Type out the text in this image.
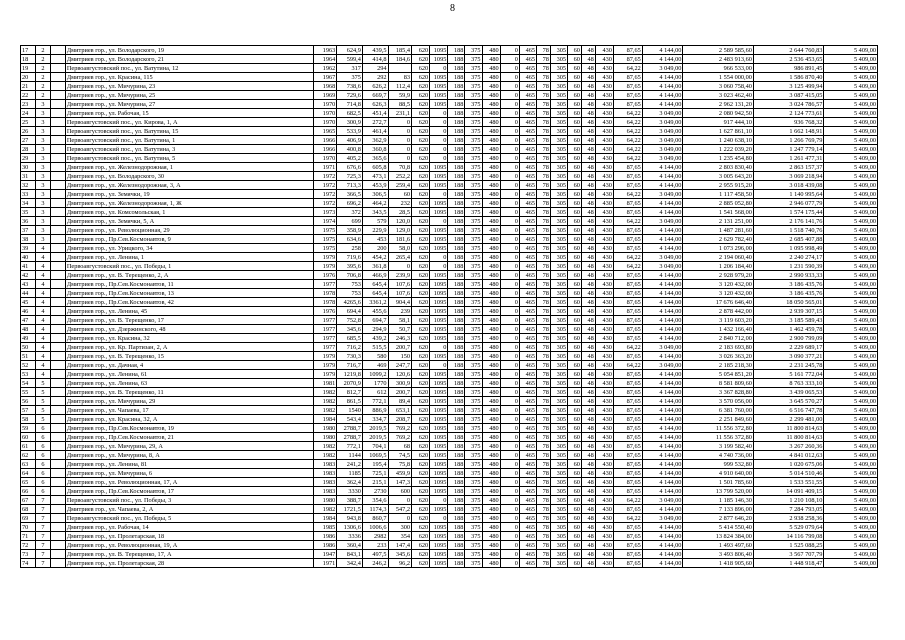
8
17	2		Дмитриев гор., ул. Володарского, 19	1963	624,9	439,5	185,4	620	1095	188	375	480	0	465	78	305	60	48	430	87,65	4 144,00	2 589 585,60	2 644 760,83	5 409,00
18	2		Дмитриев гор., ул. Володарского, 21	1964	599,4	414,8	184,6	620	1095	188	375	480	0	465	78	305	60	48	430	87,65	4 144,00	2 483 913,60	2 536 453,65	5 409,00
19	2		Первоавгустовский пос., ул. Ватутина, 12	1962	317	294		620	0	188	375	480	0	465	78	305	60	48	430	64,22	3 049,00	966 533,00	986 891,45	5 409,00
20	2		Дмитриев гор., ул. Красина, 115	1967	375	292	83	620	1095	188	375	480	0	465	78	305	60	48	430	87,65	4 144,00	1 554 000,00	1 586 870,40	5 409,00
21	2		Дмитриев гор., ул. Мичурина, 23	1968	738,6	626,2	112,4	620	1095	188	375	480	0	465	78	305	60	48	430	87,65	4 144,00	3 060 758,40	3 125 499,94	5 409,00
22	2		Дмитриев гор., ул. Мичурина, 25	1969	729,6	669,7	59,9	620	1095	188	375	480	0	465	78	305	60	48	430	87,65	4 144,00	3 023 462,40	3 087 415,05	5 409,00
23	3		Дмитриев гор., ул. Мичурина, 27	1970	714,8	626,3	88,5	620	1095	188	375	480	0	465	78	305	60	48	430	87,65	4 144,00	2 962 131,20	3 024 786,57	5 409,00
24	3		Дмитриев гор., ул. Рабочая, 15	1970	682,5	451,4	231,1	620	0	188	375	480	0	465	78	305	60	48	430	64,22	3 049,00	2 080 942,50	2 124 773,61	5 409,00
25	3		Первоавгустовский пос., ул. Кирова, 1, А	1970	300,9	272,7	0	620	0	188	375	480	0	465	78	305	60	48	430	64,22	3 049,00	917 444,10	936 768,32	5 409,00
26	3		Первоавгустовский пос., ул. Ватутина, 15	1965	533,9	461,4	0	620	0	188	375	480	0	465	78	305	60	48	430	64,22	3 049,00	1 627 861,10	1 662 148,91	5 409,00
27	3		Первоавгустовский пос., ул. Ватутина, 1	1966	406,9	362,9	0	620	0	188	375	480	0	465	78	305	60	48	430	64,22	3 049,00	1 240 638,10	1 266 769,79	5 409,00
28	3		Первоавгустовский пос., ул. Ватутина, 3	1966	400,8	360,8	0	620	0	188	375	480	0	465	78	305	60	48	430	64,22	3 049,00	1 222 039,20	1 247 779,14	5 409,00
29	3		Первоавгустовский пос., ул. Ватутина, 5	1970	405,2	365,6	0	620	0	188	375	480	0	465	78	305	60	48	430	64,22	3 049,00	1 235 454,80	1 261 477,31	5 409,00
30	3		Дмитриев гор., ул. Железнодорожная, 1	1971	676,6	605,8	70,8	620	1095	188	375	480	0	465	78	305	60	48	430	87,65	4 144,00	2 803 830,40	2 863 157,37	5 409,00
31	3		Дмитриев гор., ул. Володарского, 30	1972	725,3	473,1	252,2	620	1095	188	375	480	0	465	78	305	60	48	430	87,65	4 144,00	3 005 643,20	3 069 218,94	5 409,00
32	3		Дмитриев гор., ул. Железнодорожная, 3, А	1972	713,3	453,9	259,4	620	1095	188	375	480	0	465	78	305	60	48	430	87,65	4 144,00	2 955 915,20	3 018 439,08	5 409,00
33	3		Дмитриев гор., ул. Земячки, 19	1972	366,5	306,5	60	620	0	188	375	480	0	465	78	305	60	48	430	64,22	3 049,00	1 117 458,50	1 140 995,64	5 409,00
34	3		Дмитриев гор., ул. Железнодорожная, 1, Ж	1972	696,2	464,2	232	620	1095	188	375	480	0	465	78	305	60	48	430	87,65	4 144,00	2 885 052,80	2 946 077,79	5 409,00
35	3		Дмитриев гор., ул. Комсомольская, 1	1973	372	343,5	28,5	620	1095	188	375	480	0	465	78	305	60	48	430	87,65	4 144,00	1 541 568,00	1 574 175,44	5 409,00
36	3		Дмитриев гор., ул. Земячки, 5, А	1974	699	579	120,0	620	0	188	375	480	0	465	78	305	60	48	430	64,22	3 049,00	2 131 251,00	2 176 141,76	5 409,00
37	3		Дмитриев гор., ул. Революционная, 29	1975	358,9	229,9	129,0	620	1095	188	375	480	0	465	78	305	60	48	430	87,65	4 144,00	1 487 281,60	1 518 740,76	5 409,00
38	3		Дмитриев гор., Пр.Сев.Космонавтов, 9	1975	634,6	453	181,6	620	1095	188	375	480	0	465	78	305	60	48	430	87,65	4 144,00	2 629 782,40	2 685 407,88	5 409,00
39	4		Дмитриев гор., ул. Урицкого, 34	1975	258	200	58,0	620	1095	188	375	480	0	465	78	305	60	48	430	87,65	4 144,00	1 073 296,00	1 095 998,49	5 409,00
40	4		Дмитриев гор., ул. Ленина, 1	1979	719,6	454,2	265,4	620	0	188	375	480	0	465	78	305	60	48	430	64,22	3 049,00	2 194 060,40	2 240 274,17	5 409,00
41	4		Первоавгустовский пос., ул. Победы, 1	1979	395,6	361,8	0	620	0	188	375	480	0	465	78	305	60	48	430	64,22	3 049,00	1 206 184,40	1 231 590,39	5 409,00
42	4		Дмитриев гор., ул. В. Терещенко, 2, А	1976	706,8	466,9	239,9	620	1095	188	375	480	0	465	78	305	60	48	430	87,65	4 144,00	2 928 979,20	2 990 933,33	5 409,00
43	4		Дмитриев гор., Пр.Сев.Космонавтов, 11	1977	753	645,4	107,6	620	1095	188	375	480	0	465	78	305	60	48	430	87,65	4 144,00	3 120 432,00	3 186 435,76	5 409,00
44	4		Дмитриев гор., Пр.Сев.Космонавтов, 13	1978	753	645,4	107,6	620	1095	188	375	480	0	465	78	305	60	48	430	87,65	4 144,00	3 120 432,00	3 186 435,76	5 409,00
45	4		Дмитриев гор., Пр.Сев.Космонавтов, 42	1978	4265,6	3361,2	904,4	620	1095	188	375	480	0	465	78	305	60	48	430	87,65	4 144,00	17 676 646,40	18 050 565,01	5 409,00
46	4		Дмитриев гор., ул. Ленина, 45	1976	694,4	455,6	239	620	1095	188	375	480	0	465	78	305	60	48	430	87,65	4 144,00	2 878 442,00	2 939 307,15	5 409,00
47	4		Дмитриев гор., ул. В. Терещенко, 17	1977	752,8	694,7	58,1	620	1095	188	375	480	0	465	78	305	60	48	430	87,65	4 144,00	3 119 603,20	3 185 589,43	5 409,00
48	4		Дмитриев гор., ул. Дзержинского, 48	1977	345,6	294,9	50,7	620	1095	188	375	480	0	465	78	305	60	48	430	87,65	4 144,00	1 432 166,40	1 462 459,78	5 409,00
49	4		Дмитриев гор., ул. Красина, 32	1977	685,5	439,2	246,3	620	1095	188	375	480	0	465	78	305	60	48	430	87,65	4 144,00	2 840 712,00	2 900 799,09	5 409,00
50	4		Дмитриев гор., ул. Кр. Партизан, 2, А	1977	716,2	515,5	200,7	620	0	188	375	480	0	465	78	305	60	48	430	64,22	3 049,00	2 183 693,80	2 229 689,17	5 409,00
51	4		Дмитриев гор., ул. В. Терещенко, 15	1979	730,3	580	150	620	1095	188	375	480	0	465	78	305	60	48	430	87,65	4 144,00	3 026 363,20	3 090 377,21	5 409,00
52	4		Дмитриев гор., ул. Дачная, 4	1979	716,7	469	247,7	620	0	188	375	480	0	465	78	305	60	48	430	64,22	3 049,00	2 185 218,30	2 231 245,78	5 409,00
53	4		Дмитриев гор., ул. Ленина, 61	1979	1219,8	1099,2	120,6	620	1095	188	375	480	0	465	78	305	60	48	430	87,65	4 144,00	5 054 851,20	5 161 772,04	5 409,00
54	5		Дмитриев гор., ул. Ленина, 63	1981	2070,9	1770	300,9	620	1095	188	375	480	0	465	78	305	60	48	430	87,65	4 144,00	8 581 809,60	8 763 333,10	5 409,00
55	5		Дмитриев гор., ул. В. Терещенко, 11	1982	812,7	612	200,7	620	1095	188	375	480	0	465	78	305	60	48	430	87,65	4 144,00	3 367 828,80	3 439 065,53	5 409,00
56	5		Дмитриев гор., ул. Мичурина, 29	1982	861,5	772,1	89,4	620	1095	188	375	480	0	465	78	305	60	48	430	87,65	4 144,00	3 570 056,00	3 645 570,27	5 409,00
57	5		Дмитриев гор., ул. Чапаева, 17	1982	1540	886,9	653,1	620	1095	188	375	480	0	465	78	305	60	48	430	87,65	4 144,00	6 381 760,00	6 516 747,78	5 409,00
58	5		Дмитриев гор., ул. Красина, 32, А	1984	543,4	334,7	208,7	620	1095	188	375	480	0	465	78	305	60	48	430	87,65	4 144,00	2 251 849,60	2 299 481,00	5 409,00
59	6		Дмитриев гор., Пр.Сев.Космонавтов, 19	1980	2788,7	2019,5	769,2	620	1095	188	375	480	0	465	78	305	60	48	430	87,65	4 144,00	11 556 372,80	11 800 814,63	5 409,00
60	6		Дмитриев гор., Пр.Сев.Космонавтов, 21	1980	2788,7	2019,5	769,2	620	1095	188	375	480	0	465	78	305	60	48	430	87,65	4 144,00	11 556 372,80	11 800 814,63	5 409,00
61	6		Дмитриев гор., ул. Мичурина, 29, А	1982	772,1	704,1	68	620	1095	188	375	480	0	465	78	305	60	48	430	87,65	4 144,00	3 199 582,40	3 267 260,36	5 409,00
62	6		Дмитриев гор., ул. Мичурина, 8, А	1982	1144	1069,5	74,5	620	1095	188	375	480	0	465	78	305	60	48	430	87,65	4 144,00	4 740 736,00	4 841 012,63	5 409,00
63	6		Дмитриев гор., ул. Ленина, 81	1983	241,2	195,4	75,8	620	1095	188	375	480	0	465	78	305	60	48	430	87,65	4 144,00	999 532,80	1 020 675,06	5 409,00
64	6		Дмитриев гор., ул. Мичурина, 6	1983	1185	725,1	459,9	620	1095	188	375	480	0	465	78	305	60	48	430	87,65	4 144,00	4 910 640,00	5 014 510,46	5 409,00
65	6		Дмитриев гор., ул. Революционная, 17, А	1983	362,4	215,1	147,3	620	1095	188	375	480	0	465	78	305	60	48	430	87,65	4 144,00	1 501 785,60	1 533 551,55	5 409,00
66	6		Дмитриев гор., Пр.Сев.Космонавтов, 17	1983	3330	2730	600	620	1095	188	375	480	0	465	78	305	60	48	430	87,65	4 144,00	13 799 520,00	14 091 409,15	5 409,00
67	7		Первоавгустовский пос., ул. Победы, 3	1980	388,7	354,6	0	620	0	188	375	480	0	465	78	305	60	48	430	64,22	3 049,00	1 185 146,30	1 210 108,10	5 409,00
68	7		Дмитриев гор., ул. Чапаева, 2, А	1982	1721,5	1174,3	547,2	620	1095	188	375	480	0	465	78	305	60	48	430	87,65	4 144,00	7 133 896,00	7 284 793,05	5 409,00
69	7		Первоавгустовский пос., ул. Победы, 5	1984	943,8	860,7	0	620	0	188	375	480	0	465	78	305	60	48	430	64,22	3 049,00	2 877 646,20	2 938 258,36	5 409,00
70	7		Дмитриев гор., ул. Рабочая, 14	1985	1306,6	1006,6	300	620	1095	188	375	480	0	465	78	305	60	48	430	87,65	4 144,00	5 414 550,40	5 529 079,64	5 409,00
71	7		Дмитриев гор., ул. Пролетарская, 18	1986	3336	2982	354	620	1095	188	375	480	0	465	78	305	60	48	430	87,65	4 144,00	13 824 384,00	14 116 799,08	5 409,00
72	7		Дмитриев гор., ул. Революционная, 19, А	1986	360,4	233	147,4	620	1095	188	375	480	0	465	78	305	60	48	430	87,65	4 144,00	1 493 497,60	1 525 088,25	5 409,00
73	7		Дмитриев гор., ул. В. Терещенко, 17, А	1947	843,1	497,5	345,6	620	1095	188	375	480	0	465	78	305	60	48	430	87,65	4 144,00	3 493 806,40	3 567 707,79	5 409,00
74	7		Дмитриев гор., ул. Пролетарская, 28	1971	342,4	246,2	96,2	620	1095	188	375	480	0	465	78	305	60	48	430	87,65	4 144,00	1 418 905,60	1 448 918,47	5 409,00
